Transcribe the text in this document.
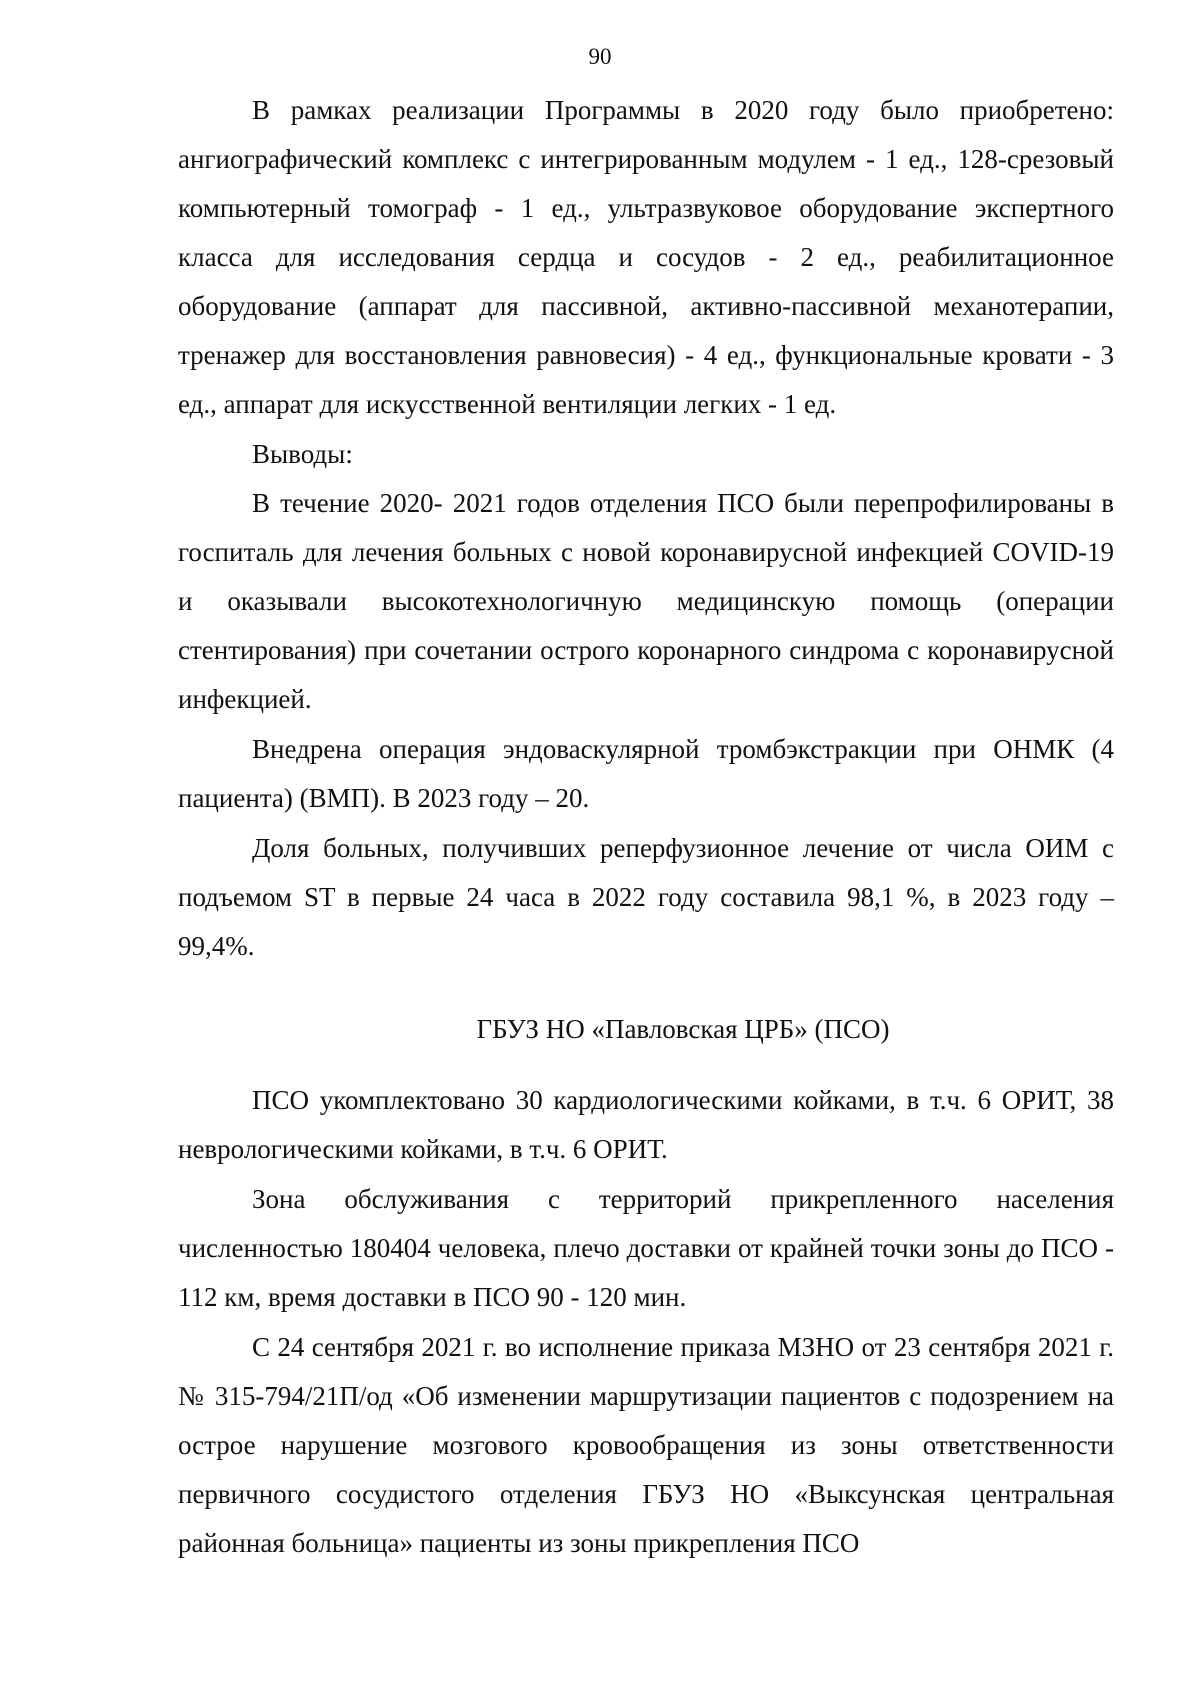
90

В рамках реализации Программы в 2020 году было приобретено: ангиографический комплекс с интегрированным модулем - 1 ед., 128-срезовый компьютерный томограф - 1 ед., ультразвуковое оборудование экспертного класса для исследования сердца и сосудов - 2 ед., реабилитационное оборудование (аппарат для пассивной, активно-пассивной механотерапии, тренажер для восстановления равновесия) - 4 ед., функциональные кровати - 3 ед., аппарат для искусственной вентиляции легких - 1 ед.

Выводы:

В течение 2020- 2021 годов отделения ПСО были перепрофилированы в госпиталь для лечения больных с новой коронавирусной инфекцией COVID-19 и оказывали высокотехнологичную медицинскую помощь (операции стентирования) при сочетании острого коронарного синдрома с коронавирусной инфекцией.

Внедрена операция эндоваскулярной тромбэкстракции при ОНМК (4 пациента) (ВМП). В 2023 году – 20.

Доля больных, получивших реперфузионное лечение от числа ОИМ с подъемом ST в первые 24 часа в 2022 году составила 98,1 %, в 2023 году – 99,4%.

ГБУЗ НО «Павловская ЦРБ» (ПСО)

ПСО укомплектовано 30 кардиологическими койками, в т.ч. 6 ОРИТ, 38 неврологическими койками, в т.ч. 6 ОРИТ.

Зона обслуживания с территорий прикрепленного населения численностью 180404 человека, плечо доставки от крайней точки зоны до ПСО - 112 км, время доставки в ПСО 90 - 120 мин.

С 24 сентября 2021 г. во исполнение приказа МЗНО от 23 сентября 2021 г. № 315-794/21П/од «Об изменении маршрутизации пациентов с подозрением на острое нарушение мозгового кровообращения из зоны ответственности первичного сосудистого отделения ГБУЗ НО «Выксунская центральная районная больница» пациенты из зоны прикрепления ПСО
